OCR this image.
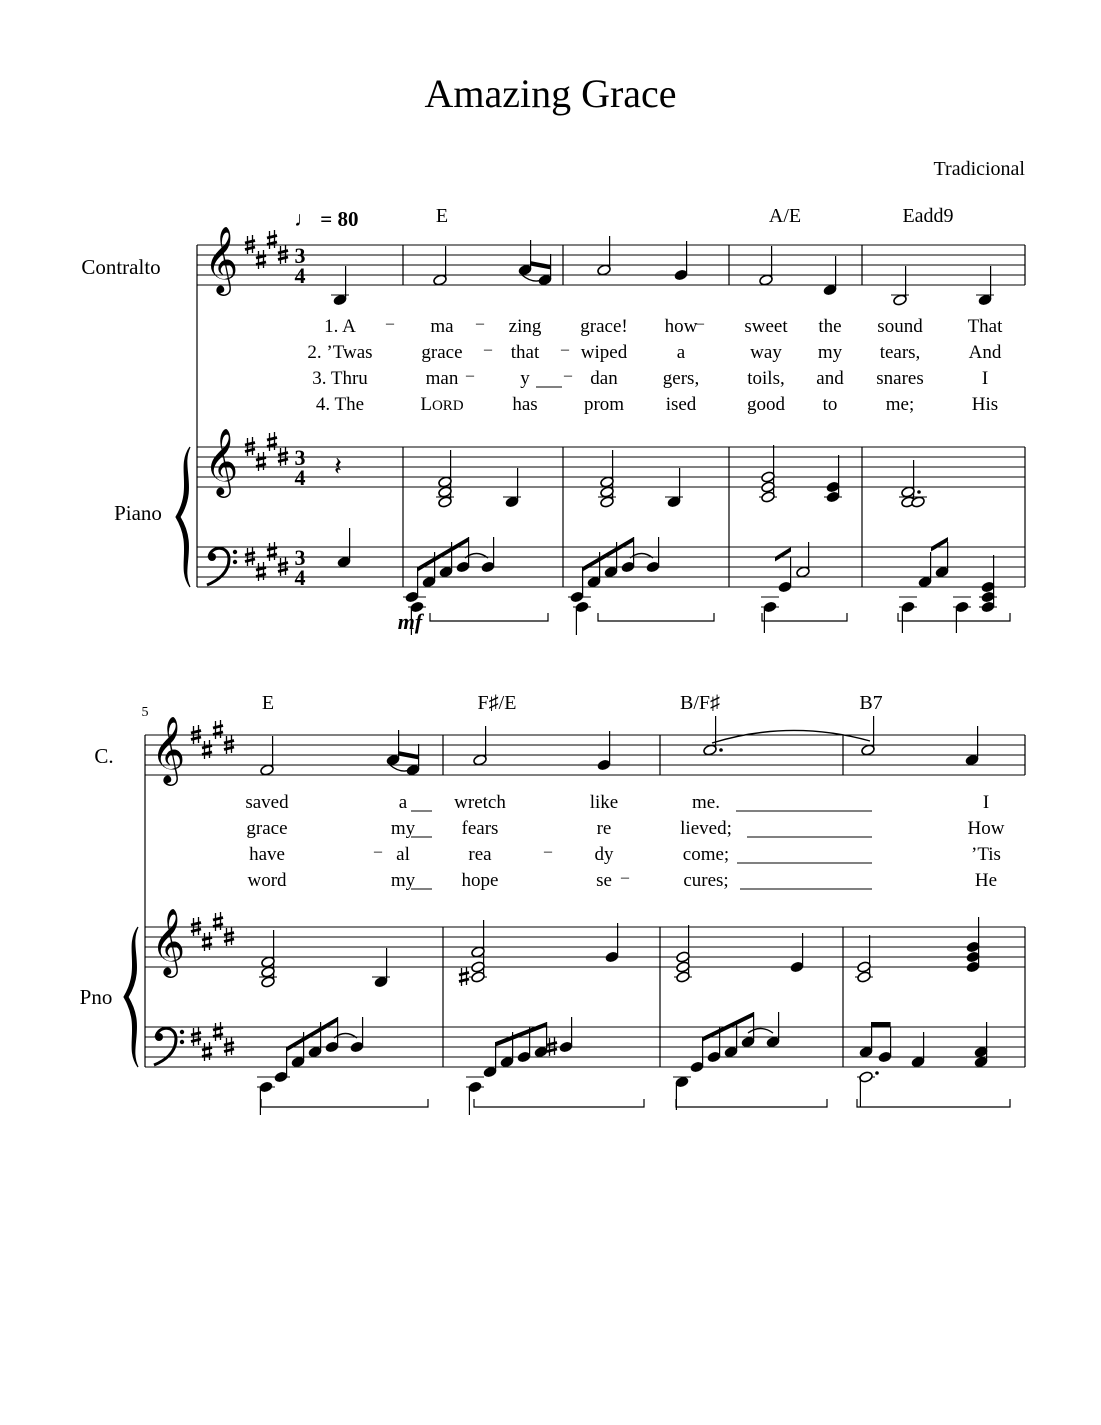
Amazing Grace
Tradicional
Contralto
Piano
𝄞
𝄞
3
4
3
4
3
4
♩ = 80	E	A/E	Eadd9
1. A	ma	zing grace! how sweet the sound That
2. ’Twas	grace	that wiped	a	way my tears,	And
3. Thru	man	y	dan gers,	toils, and snares	I
4. The	LORD	has prom ised	good to	me;	His
–	–	–
–	–
–	–
𝄽
mf
5
C.
Pno
𝄞
𝄞
E	F♯/E	B/F♯	B7
saved	a wretch	like	me.	I
grace	my fears	re	lieved;	How
have	al	rea	dy	come;	’Tis
word	my hope	se	cures;	He
–	–
–
